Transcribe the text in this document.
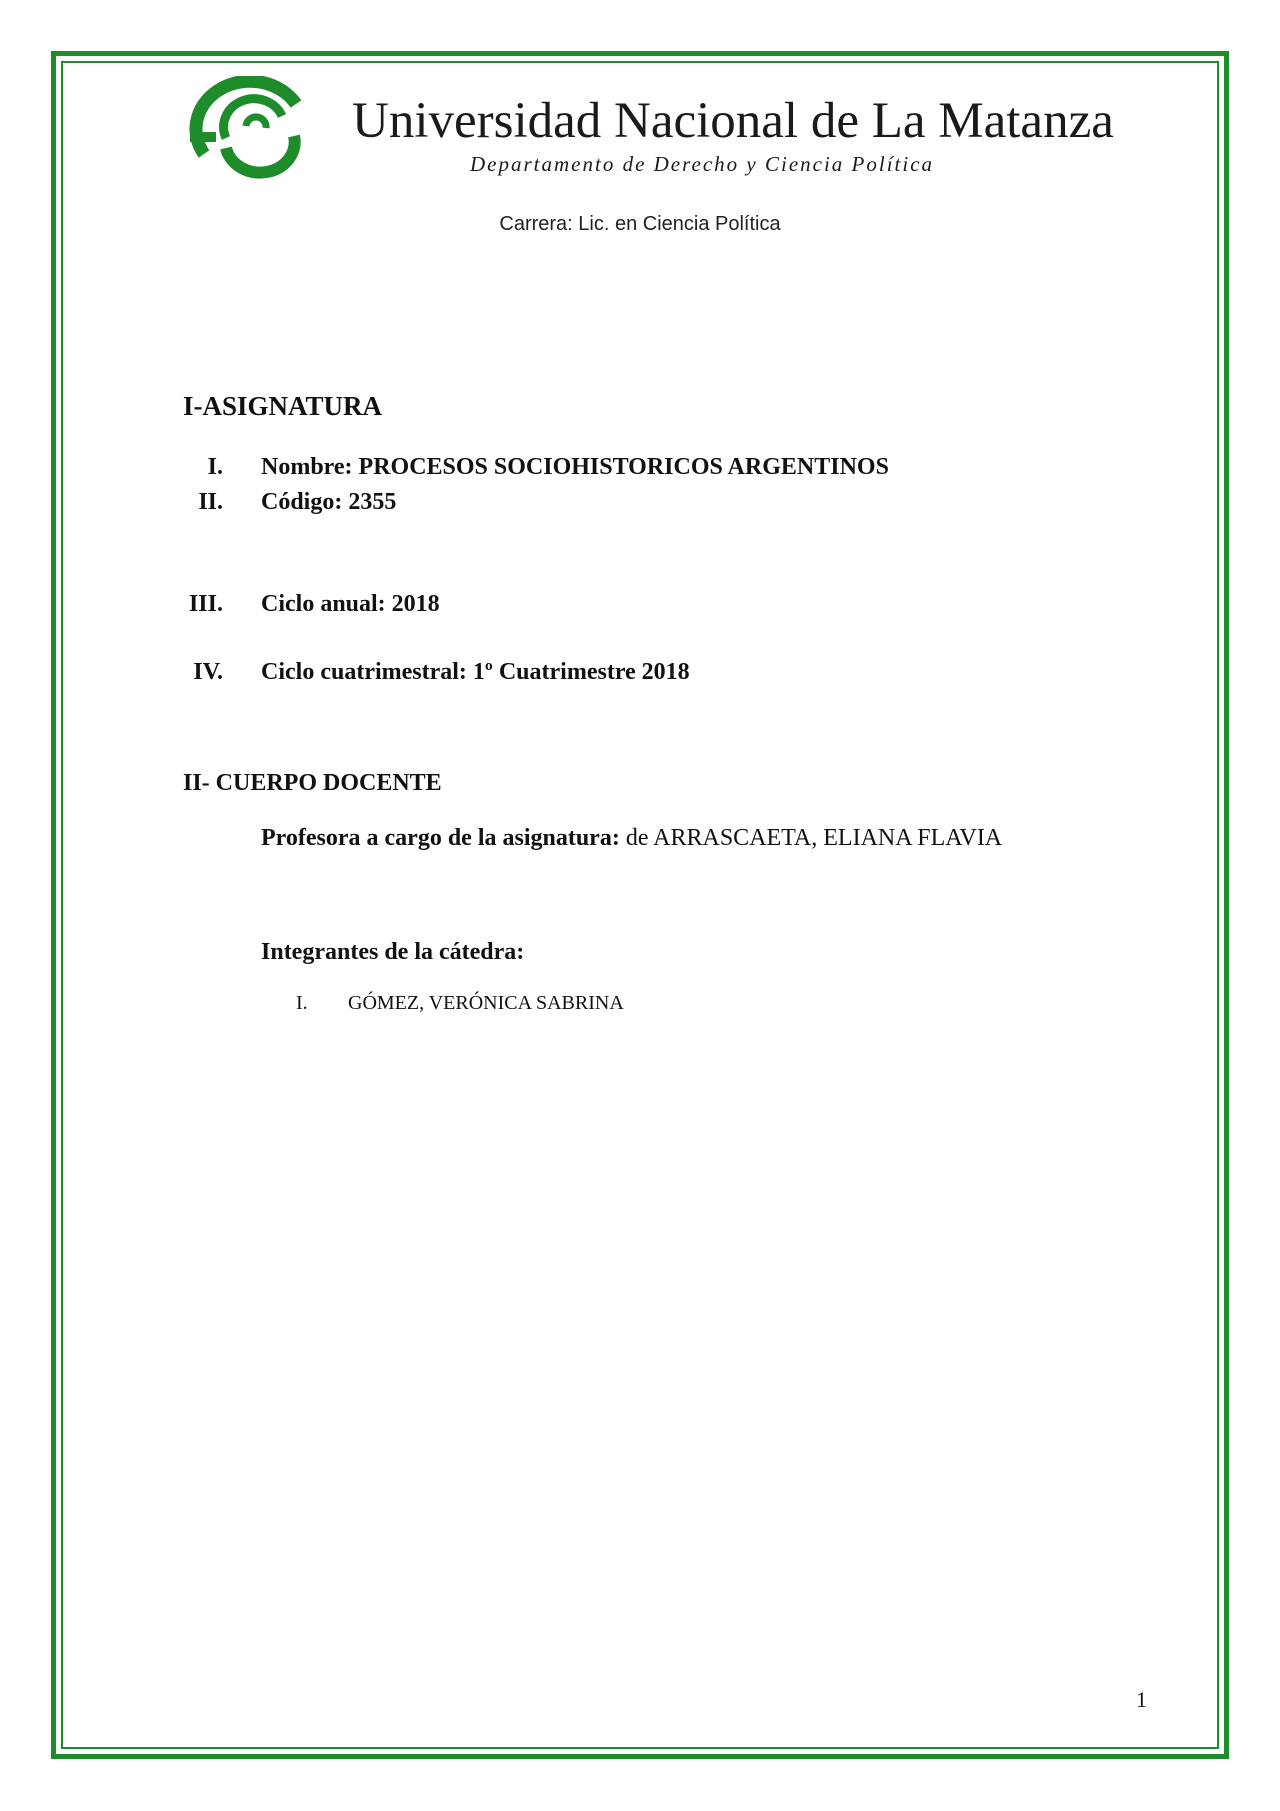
Universidad Nacional de La Matanza
Departamento de Derecho y Ciencia Política
Carrera: Lic. en Ciencia Política
I-ASIGNATURA
I. Nombre: PROCESOS SOCIOHISTORICOS ARGENTINOS
II. Código: 2355
III. Ciclo anual: 2018
IV. Ciclo cuatrimestral: 1º Cuatrimestre 2018
II- CUERPO DOCENTE
Profesora a cargo de la asignatura: de ARRASCAETA, ELIANA FLAVIA
Integrantes de la cátedra:
I. GÓMEZ, VERÓNICA SABRINA
1
